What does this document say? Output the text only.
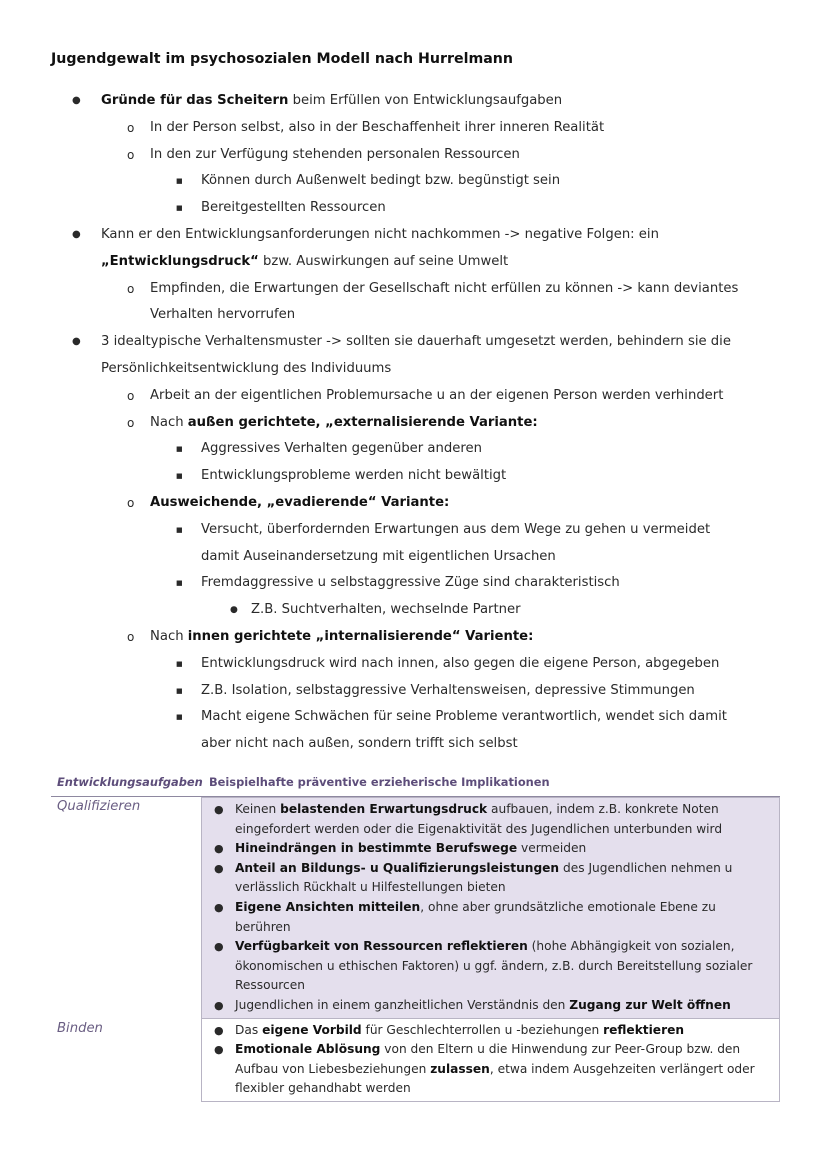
Jugendgewalt im psychosozialen Modell nach Hurrelmann
● Gründe für das Scheitern beim Erfüllen von Entwicklungsaufgaben
o In der Person selbst, also in der Beschaffenheit ihrer inneren Realität
o In den zur Verfügung stehenden personalen Ressourcen
■ Können durch Außenwelt bedingt bzw. begünstigt sein
■ Bereitgestellten Ressourcen
● Kann er den Entwicklungsanforderungen nicht nachkommen -> negative Folgen: ein
„Entwicklungsdruck“ bzw. Auswirkungen auf seine Umwelt
o Empfinden, die Erwartungen der Gesellschaft nicht erfüllen zu können -> kann deviantes
Verhalten hervorrufen
● 3 idealtypische Verhaltensmuster -> sollten sie dauerhaft umgesetzt werden, behindern sie die
Persönlichkeitsentwicklung des Individuums
o Arbeit an der eigentlichen Problemursache u an der eigenen Person werden verhindert
o Nach außen gerichtete, „externalisierende Variante:
■ Aggressives Verhalten gegenüber anderen
■ Entwicklungsprobleme werden nicht bewältigt
o Ausweichende, „evadierende“ Variante:
■ Versucht, überfordernden Erwartungen aus dem Wege zu gehen u vermeidet
damit Auseinandersetzung mit eigentlichen Ursachen
■ Fremdaggressive u selbstaggressive Züge sind charakteristisch
● Z.B. Suchtverhalten, wechselnde Partner
o Nach innen gerichtete „internalisierende“ Variente:
■ Entwicklungsdruck wird nach innen, also gegen die eigene Person, abgegeben
■ Z.B. Isolation, selbstaggressive Verhaltensweisen, depressive Stimmungen
■ Macht eigene Schwächen für seine Probleme verantwortlich, wendet sich damit
aber nicht nach außen, sondern trifft sich selbst
Entwicklungsaufgaben Beispielhafte präventive erzieherische Implikationen
Qualifizieren	● Keinen belastenden Erwartungsdruck aufbauen, indem z.B. konkrete Noten eingefordert werden oder die Eigenaktivität des Jugendlichen unterbunden wird
● Hineindrängen in bestimmte Berufswege vermeiden
● Anteil an Bildungs- u Qualifizierungsleistungen des Jugendlichen nehmen u verlässlich Rückhalt u Hilfestellungen bieten
● Eigene Ansichten mitteilen, ohne aber grundsätzliche emotionale Ebene zu berühren
● Verfügbarkeit von Ressourcen reflektieren (hohe Abhängigkeit von sozialen, ökonomischen u ethischen Faktoren) u ggf. ändern, z.B. durch Bereitstellung sozialer Ressourcen
● Jugendlichen in einem ganzheitlichen Verständnis den Zugang zur Welt öffnen
Binden	● Das eigene Vorbild für Geschlechterrollen u -beziehungen reflektieren
● Emotionale Ablösung von den Eltern u die Hinwendung zur Peer-Group bzw. den Aufbau von Liebesbeziehungen zulassen, etwa indem Ausgehzeiten verlängert oder flexibler gehandhabt werden
